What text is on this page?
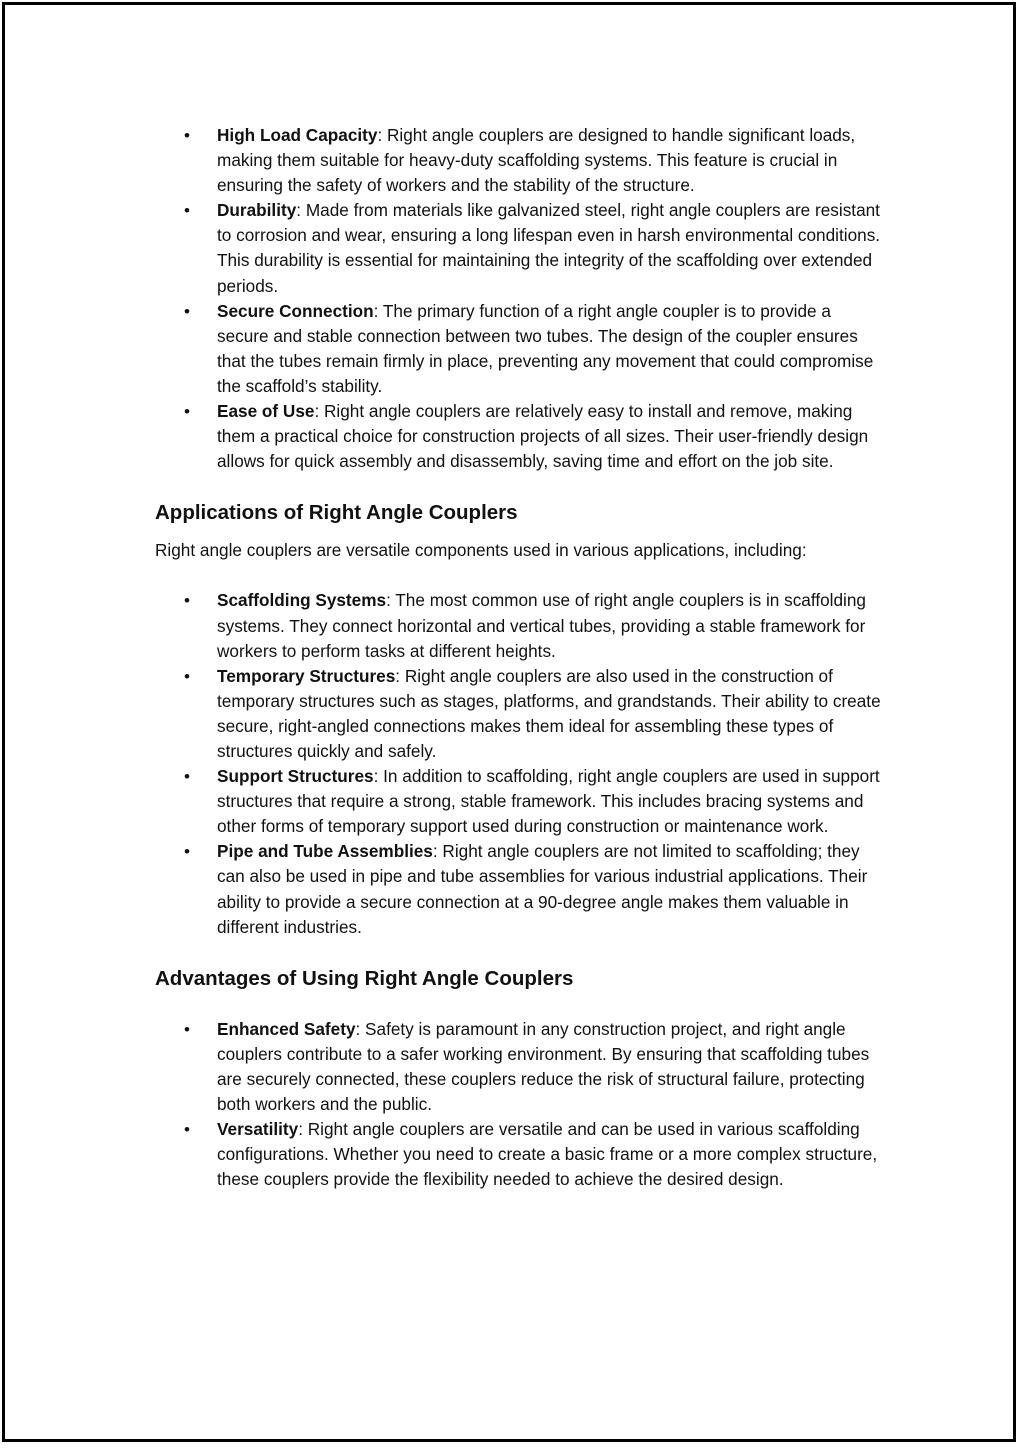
• High Load Capacity: Right angle couplers are designed to handle significant loads, making them suitable for heavy-duty scaffolding systems. This feature is crucial in ensuring the safety of workers and the stability of the structure.
• Durability: Made from materials like galvanized steel, right angle couplers are resistant to corrosion and wear, ensuring a long lifespan even in harsh environmental conditions. This durability is essential for maintaining the integrity of the scaffolding over extended periods.
• Secure Connection: The primary function of a right angle coupler is to provide a secure and stable connection between two tubes. The design of the coupler ensures that the tubes remain firmly in place, preventing any movement that could compromise the scaffold’s stability.
• Ease of Use: Right angle couplers are relatively easy to install and remove, making them a practical choice for construction projects of all sizes. Their user-friendly design allows for quick assembly and disassembly, saving time and effort on the job site.
Applications of Right Angle Couplers

Right angle couplers are versatile components used in various applications, including:

• Scaffolding Systems: The most common use of right angle couplers is in scaffolding systems. They connect horizontal and vertical tubes, providing a stable framework for workers to perform tasks at different heights.
• Temporary Structures: Right angle couplers are also used in the construction of temporary structures such as stages, platforms, and grandstands. Their ability to create secure, right-angled connections makes them ideal for assembling these types of structures quickly and safely.
• Support Structures: In addition to scaffolding, right angle couplers are used in support structures that require a strong, stable framework. This includes bracing systems and other forms of temporary support used during construction or maintenance work.
• Pipe and Tube Assemblies: Right angle couplers are not limited to scaffolding; they can also be used in pipe and tube assemblies for various industrial applications. Their ability to provide a secure connection at a 90-degree angle makes them valuable in different industries.
Advantages of Using Right Angle Couplers
• Enhanced Safety: Safety is paramount in any construction project, and right angle couplers contribute to a safer working environment. By ensuring that scaffolding tubes are securely connected, these couplers reduce the risk of structural failure, protecting both workers and the public.
• Versatility: Right angle couplers are versatile and can be used in various scaffolding configurations. Whether you need to create a basic frame or a more complex structure, these couplers provide the flexibility needed to achieve the desired design.
